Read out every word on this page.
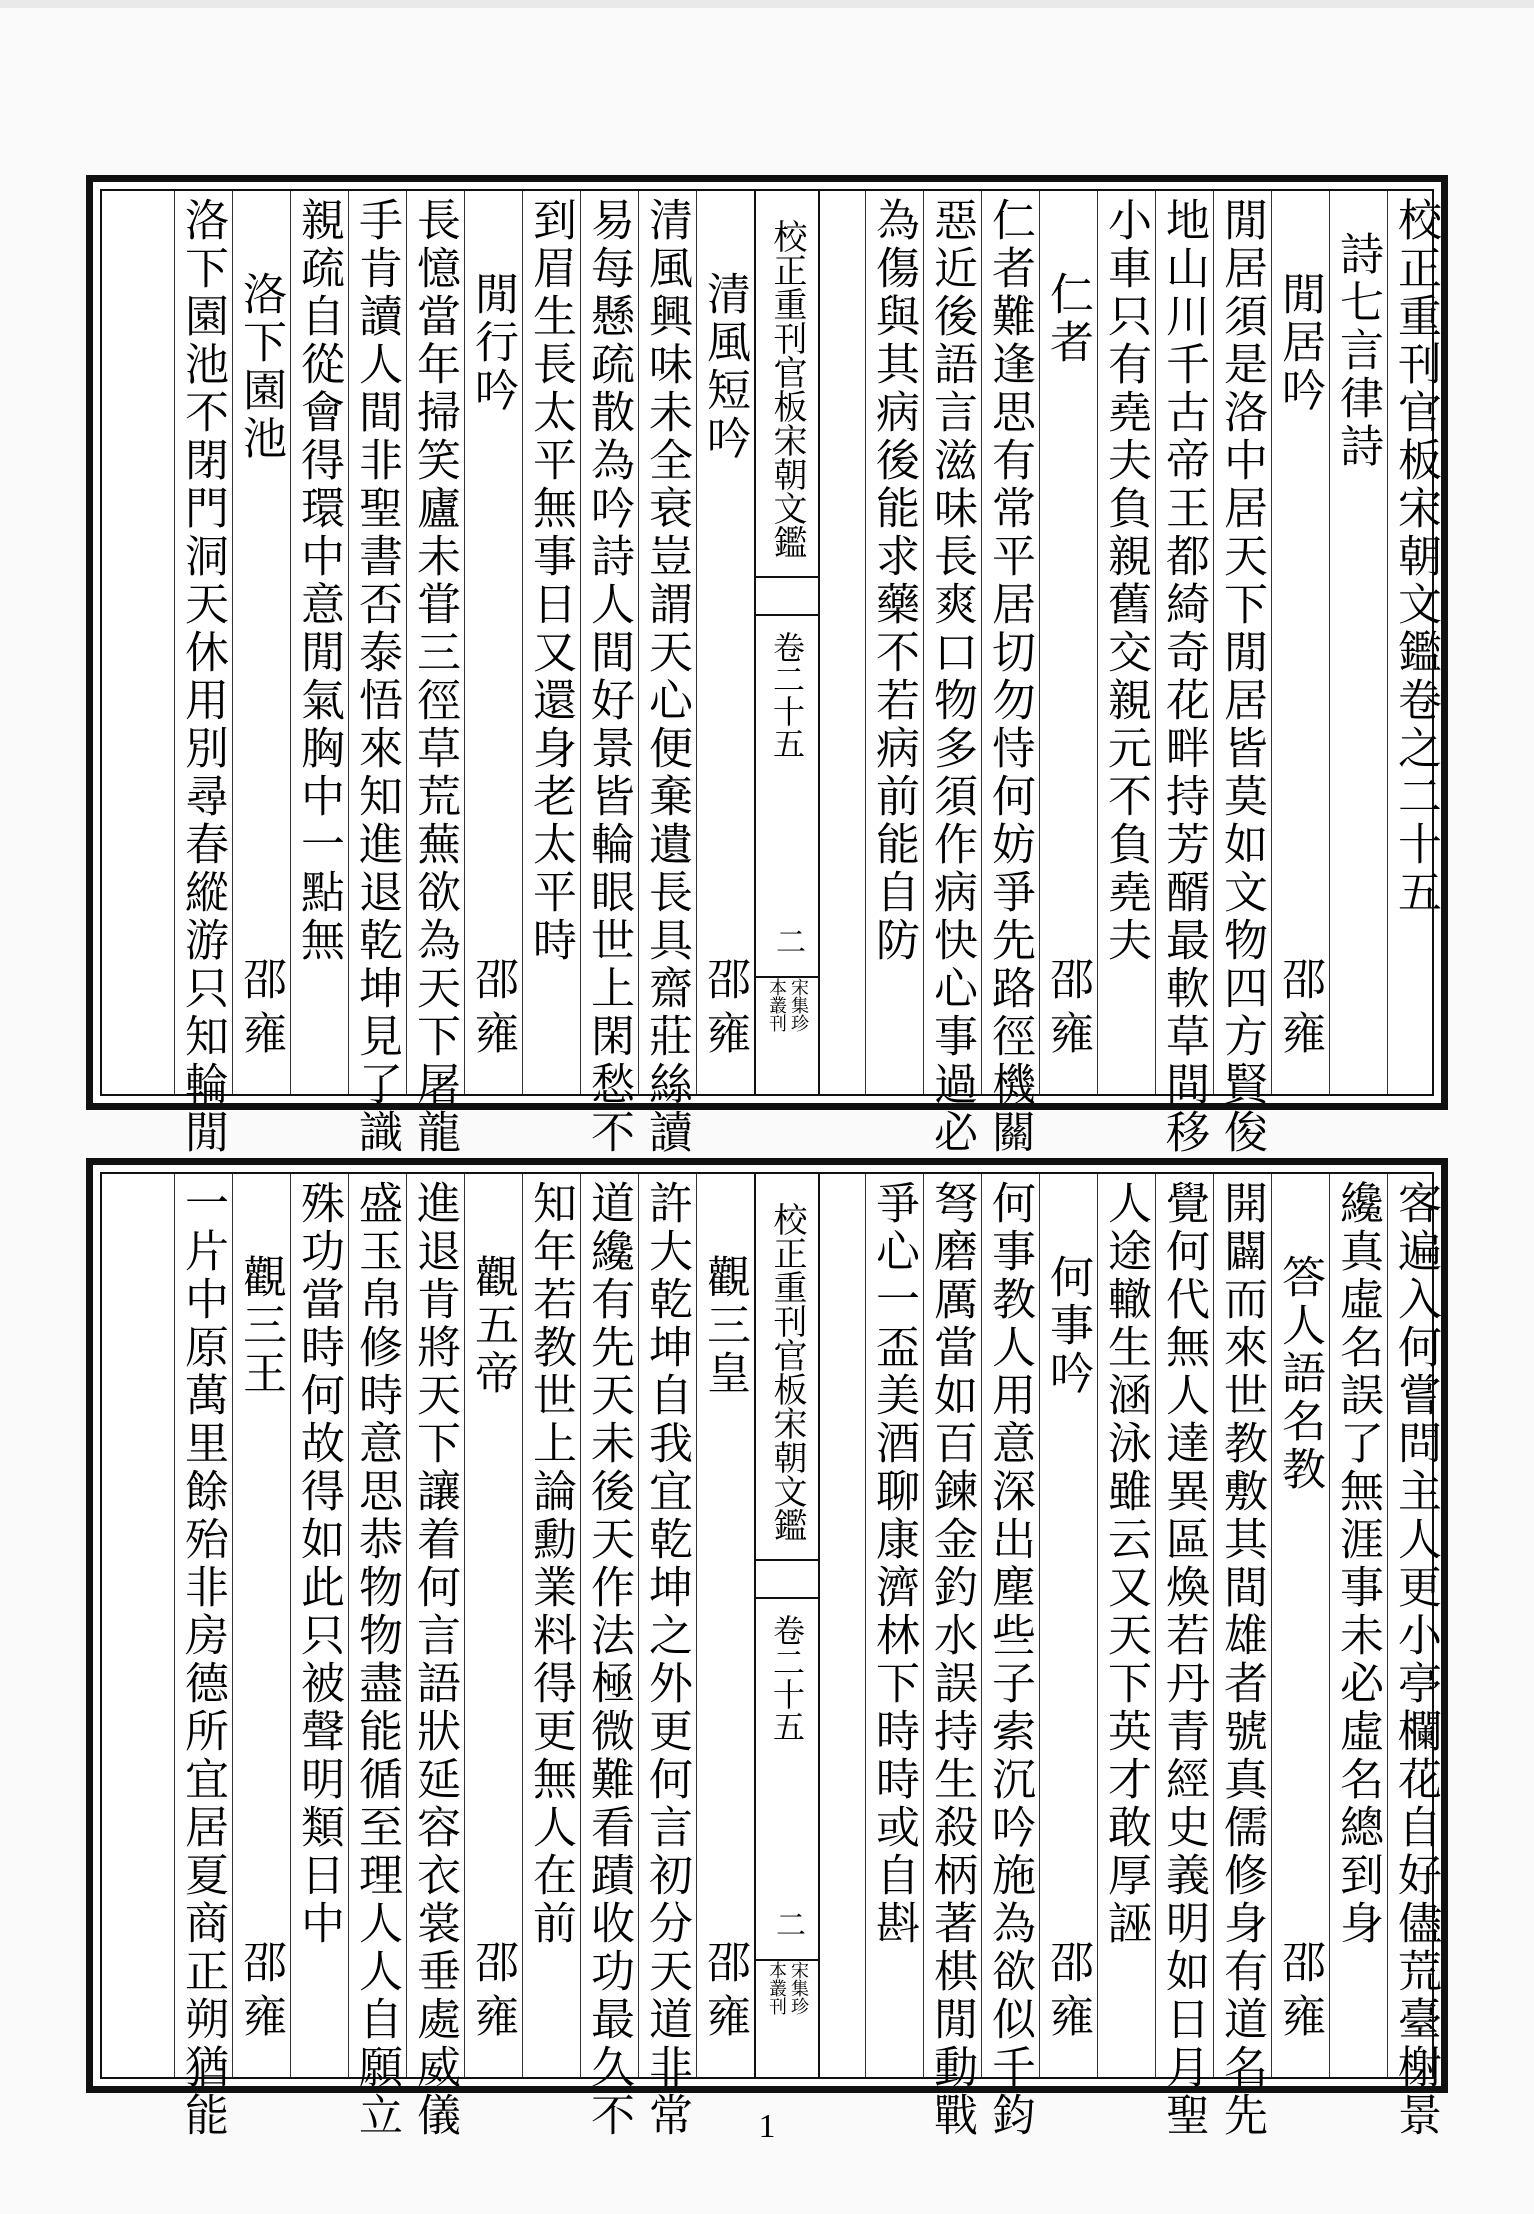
校正重刊官板宋朝文鑑
卷二十五
二
宋集珍
本叢刊
校正重刊官板宋朝文鑑卷之二十五
詩七言律詩
閒居吟
邵雍
閒居須是洛中居天下閒居皆莫如文物四方賢俊
地山川千古帝王都綺奇花畔持芳醑最軟草間移
小車只有堯夫負親舊交親元不負堯夫
仁者
邵雍
仁者難逢思有常平居切勿恃何妨爭先路徑機關
惡近後語言滋味長爽口物多須作病快心事過必
為傷與其病後能求藥不若病前能自防
清風短吟
邵雍
清風興味未全衰豈謂天心便棄遺長具齋莊絲讀
易每懸疏散為吟詩人間好景皆輪眼世上閑愁不
到眉生長太平無事日又還身老太平時
閒行吟
邵雍
長憶當年掃笑廬未甞三徑草荒蕪欲為天下屠龍
手肯讀人間非聖書否泰悟來知進退乾坤見了識
親疏自從會得環中意閒氣胸中一點無
洛下園池
邵雍
洛下園池不閉門洞天休用別尋春縱游只知輪閒
校正重刊官板宋朝文鑑
卷二十五
二
宋集珍
本叢刊	客遍入何嘗問主人更小亭欄花自好儘荒臺榭景
纔真虛名誤了無涯事未必虛名總到身
答人語名教
邵雍
開闢而來世教敷其間雄者號真儒修身有道名先
覺何代無人達異區煥若丹青經史義明如日月聖
人途轍生涵泳雖云又天下英才敢厚誣
何事吟
邵雍
何事教人用意深出塵些子索沉吟施為欲似千鈞
弩磨厲當如百鍊金釣水誤持生殺柄著棋閒動戰
爭心一盃美酒聊康濟林下時時或自斟
觀三皇
邵雍
許大乾坤自我宜乾坤之外更何言初分天道非常
道纔有先天未後天作法極微難看蹟收功最久不
知年若教世上論勳業料得更無人在前
觀五帝
邵雍
進退肯將天下讓着何言語狀延容衣裳垂處威儀
盛玉帛修時意思恭物物盡能循至理人人自願立
殊功當時何故得如此只被聲明類日中
觀三王
邵雍
一片中原萬里餘殆非房德所宜居夏商正朔猶能	1
